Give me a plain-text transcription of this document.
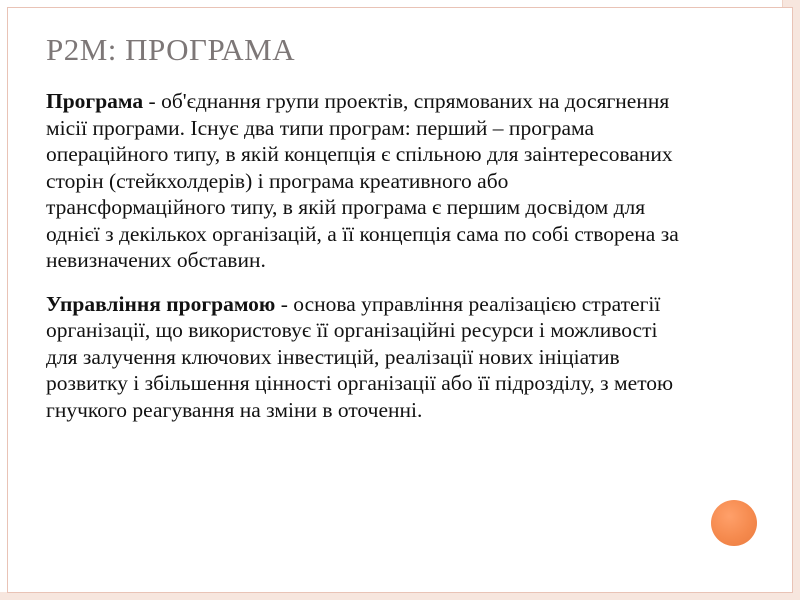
P2M: ПРОГРАМА

Програма - об'єднання групи проектів, спрямованих на досягнення місії програми. Існує два типи програм: перший – програма операційного типу, в якій концепція є спільною для заінтересованих сторін (стейкхолдерів) і програма креативного або трансформаційного типу, в якій програма є першим досвідом для однієї з декількох організацій, а її концепція сама по собі створена за невизначених обставин.

Управління програмою - основа управління реалізацією стратегії організації, що використовує її організаційні ресурси і можливості для залучення ключових інвестицій, реалізації нових ініціатив розвитку і збільшення цінності організації або її підрозділу, з метою гнучкого реагування на зміни в оточенні.
